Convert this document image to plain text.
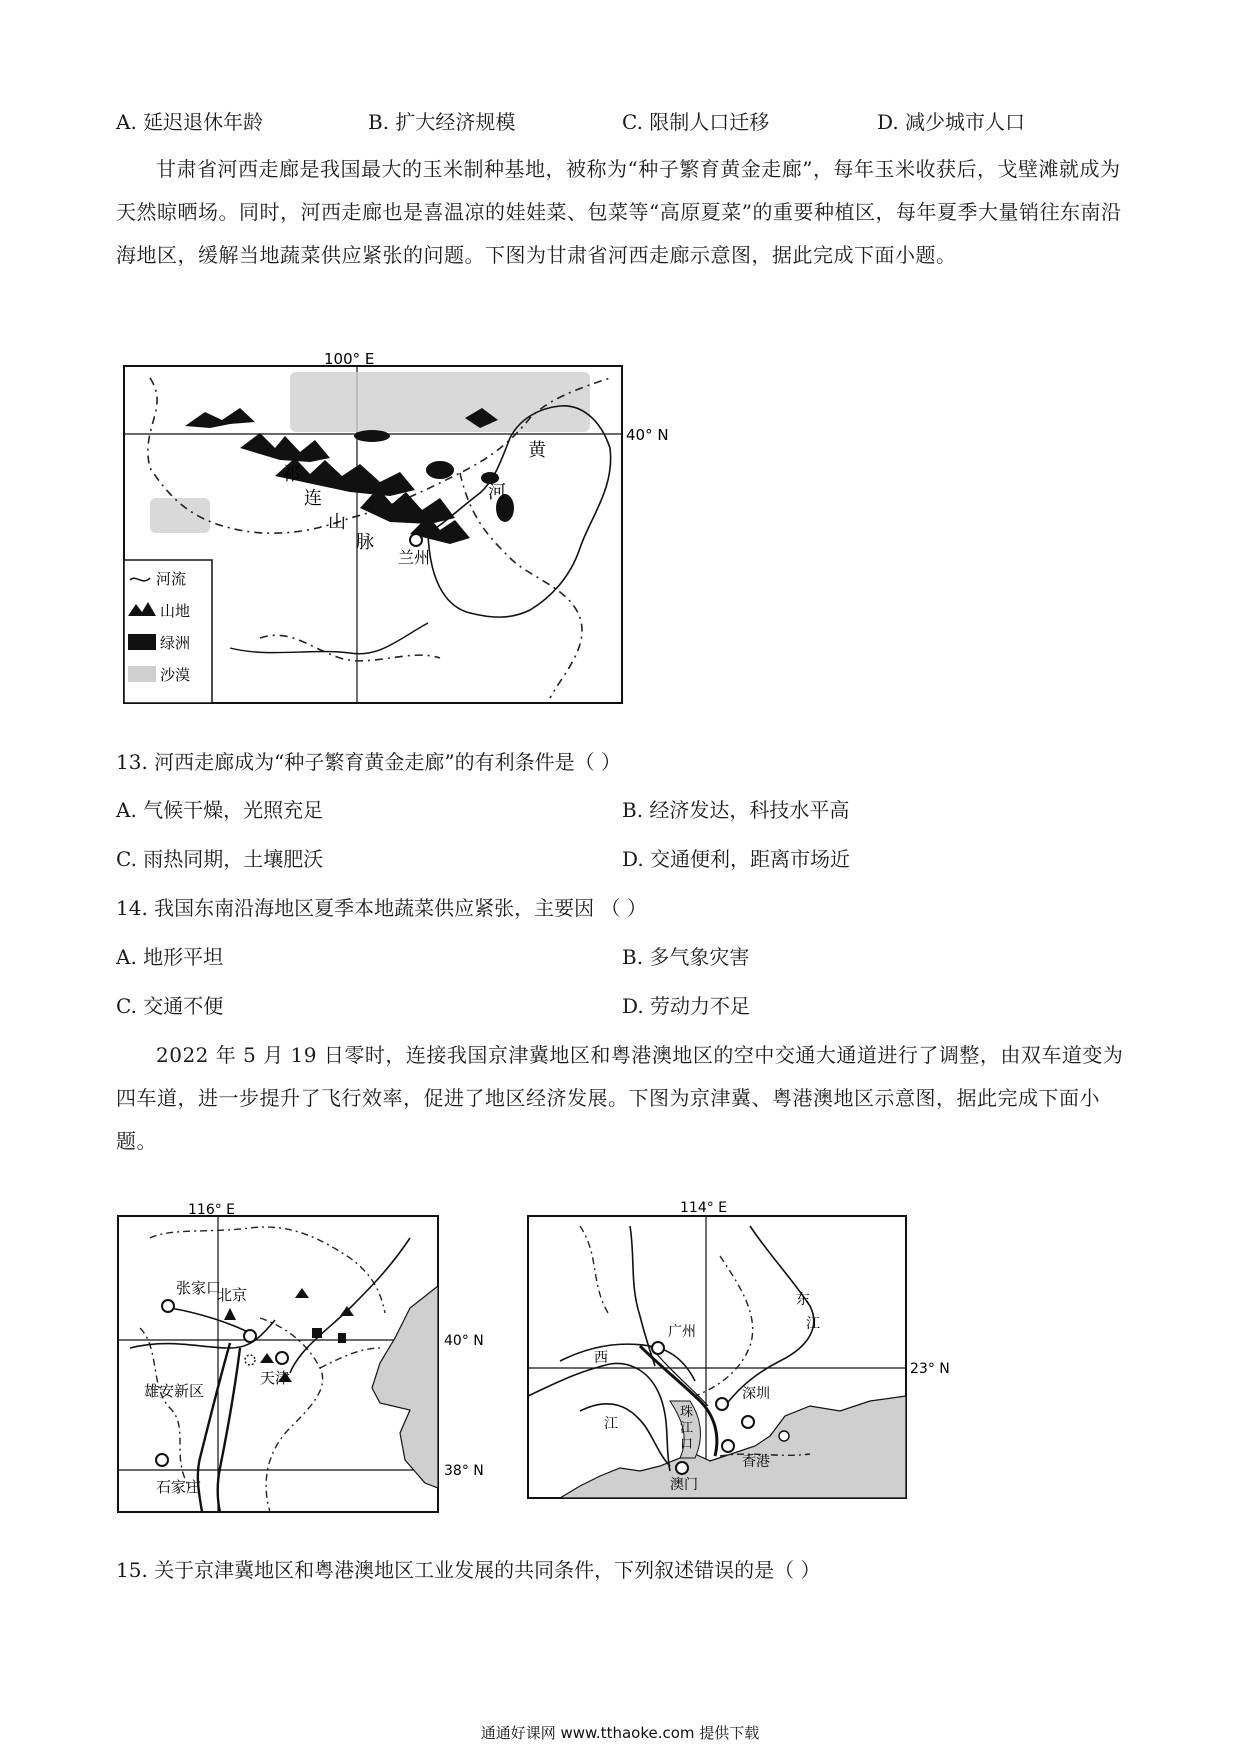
A. 延迟退休年龄	B. 扩大经济规模	C. 限制人口迁移	D. 减少城市人口
甘肃省河西走廊是我国最大的玉米制种基地，被称为“种子繁育黄金走廊”，每年玉米收获后，戈壁滩就成为天然晾晒场。同时，河西走廊也是喜温凉的娃娃菜、包菜等“高原夏菜”的重要种植区，每年夏季大量销往东南沿海地区，缓解当地蔬菜供应紧张的问题。下图为甘肃省河西走廊示意图，据此完成下面小题。
兰州
100° E
40° N
祁
连
山
脉
黄
河
河流
山地
绿洲
沙漠
13. 河西走廊成为“种子繁育黄金走廊”的有利条件是（ ）
A. 气候干燥，光照充足	B. 经济发达，科技水平高
C. 雨热同期，土壤肥沃	D. 交通便利，距离市场近
14. 我国东南沿海地区夏季本地蔬菜供应紧张，主要因 （ ）
A. 地形平坦	B. 多气象灾害
C. 交通不便	D. 劳动力不足
2022 年 5 月 19 日零时，连接我国京津冀地区和粤港澳地区的空中交通大通道进行了调整，由双车道变为四车道，进一步提升了飞行效率，促进了地区经济发展。下图为京津冀、粤港澳地区示意图，据此完成下面小题。
张家口
北京
雄安新区
天津
石家庄
116° E
40° N
38° N
广州
深圳
澳门
香港
东
江
西
江
珠
江
口
114° E
23° N
15. 关于京津冀地区和粤港澳地区工业发展的共同条件，下列叙述错误的是（ ）
通通好课网 www.tthaoke.com 提供下载
